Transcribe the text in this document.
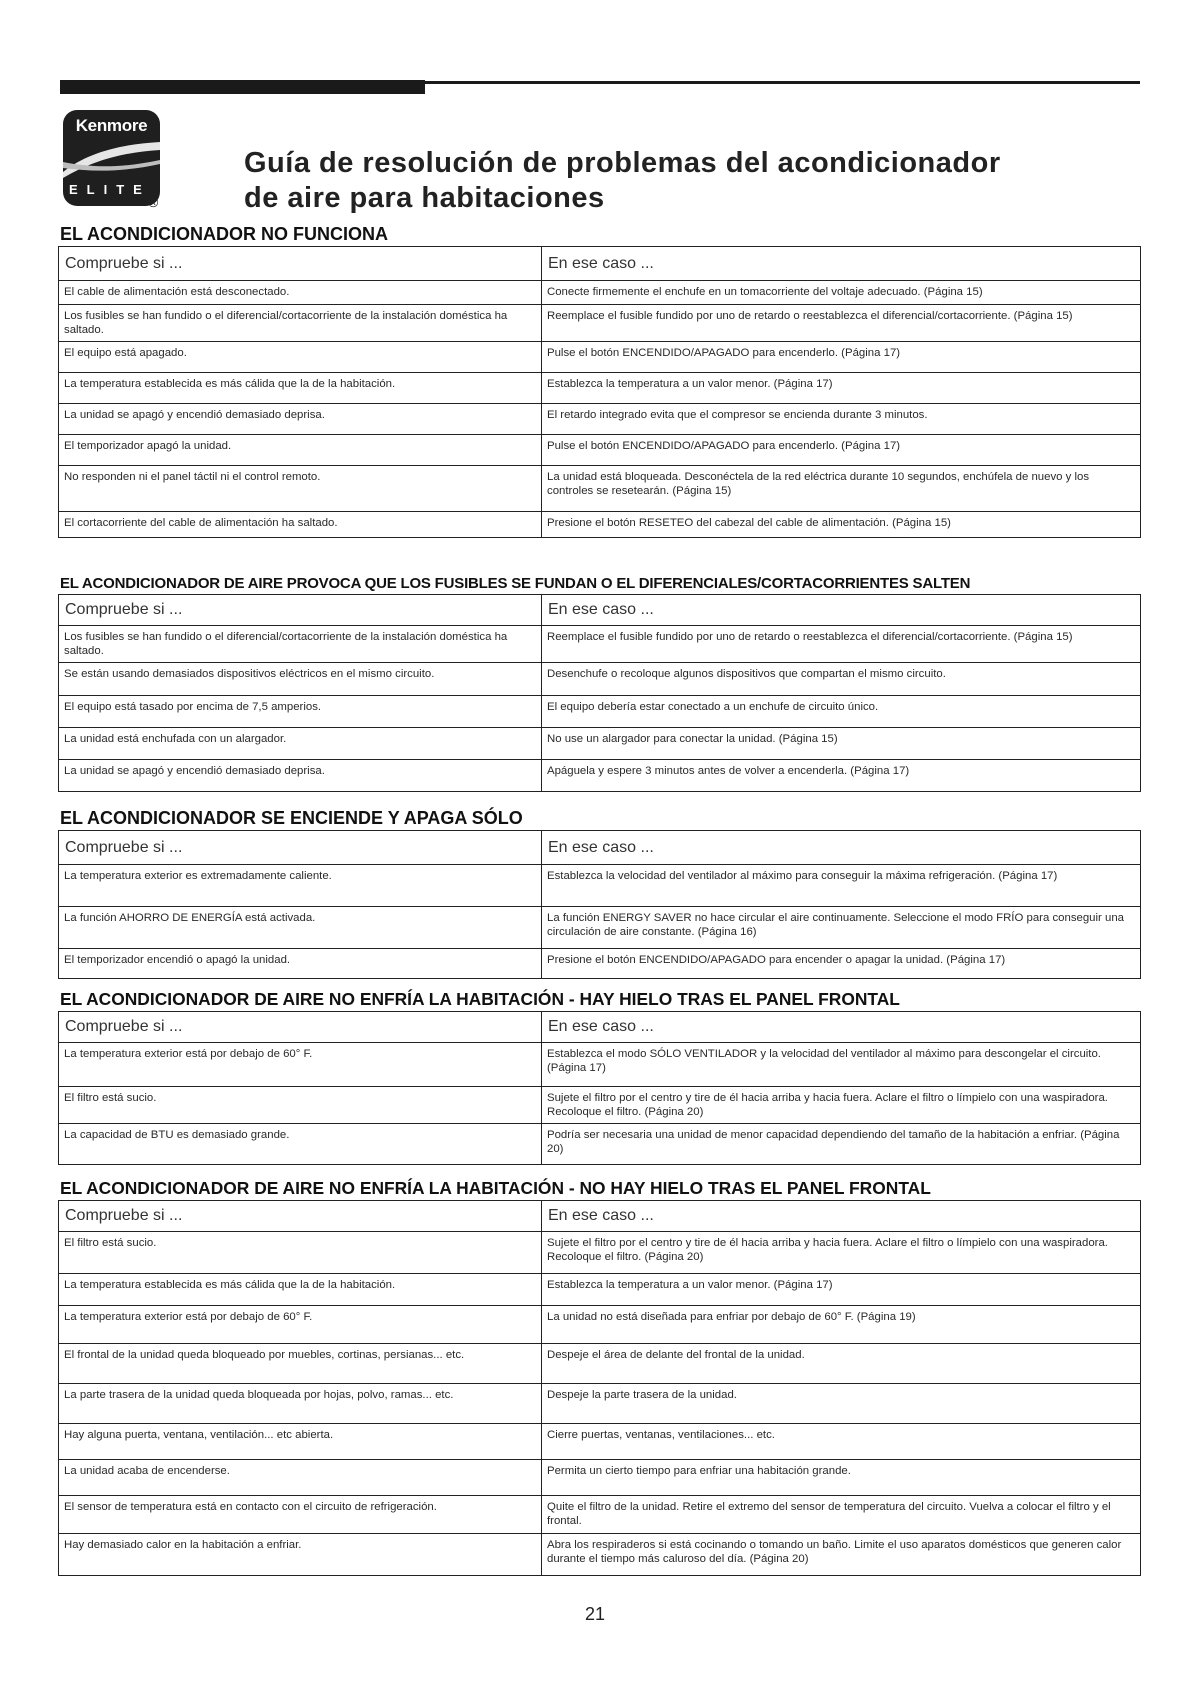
Kenmore
ELITE
®
Guía de resolución de problemas del acondicionador
de aire para habitaciones
EL ACONDICIONADOR NO FUNCIONA
Compruebe si ...	En ese caso ...
El cable de alimentación está desconectado.	Conecte firmemente el enchufe en un tomacorriente del voltaje adecuado. (Página 15)
Los fusibles se han fundido o el diferencial/cortacorriente de la instalación doméstica ha saltado.	Reemplace el fusible fundido por uno de retardo o reestablezca el diferencial/cortacorriente. (Página 15)
El equipo está apagado.	Pulse el botón ENCENDIDO/APAGADO para encenderlo. (Página 17)
La temperatura establecida es más cálida que la de la habitación.	Establezca la temperatura a un valor menor. (Página 17)
La unidad se apagó y encendió demasiado deprisa.	El retardo integrado evita que el compresor se encienda durante 3 minutos.
El temporizador apagó la unidad.	Pulse el botón ENCENDIDO/APAGADO para encenderlo. (Página 17)
No responden ni el panel táctil ni el control remoto.	La unidad está bloqueada. Desconéctela de la red eléctrica durante 10 segundos, enchúfela de nuevo y los controles se resetearán. (Página 15)
El cortacorriente del cable de alimentación ha saltado.	Presione el botón RESETEO del cabezal del cable de alimentación. (Página 15)
EL ACONDICIONADOR DE AIRE PROVOCA QUE LOS FUSIBLES SE FUNDAN O EL DIFERENCIALES/CORTACORRIENTES SALTEN
Compruebe si ...	En ese caso ...
Los fusibles se han fundido o el diferencial/cortacorriente de la instalación doméstica ha saltado.	Reemplace el fusible fundido por uno de retardo o reestablezca el diferencial/cortacorriente. (Página 15)
Se están usando demasiados dispositivos eléctricos en el mismo circuito.	Desenchufe o recoloque algunos dispositivos que compartan el mismo circuito.
El equipo está tasado por encima de 7,5 amperios.	El equipo debería estar conectado a un enchufe de circuito único.
La unidad está enchufada con un alargador.	No use un alargador para conectar la unidad. (Página 15)
La unidad se apagó y encendió demasiado deprisa.	Apáguela y espere 3 minutos antes de volver a encenderla. (Página 17)
EL ACONDICIONADOR SE ENCIENDE Y APAGA SÓLO
Compruebe si ...	En ese caso ...
La temperatura exterior es extremadamente caliente.	Establezca la velocidad del ventilador al máximo para conseguir la máxima refrigeración. (Página 17)
La función AHORRO DE ENERGÍA está activada.	La función ENERGY SAVER no hace circular el aire continuamente. Seleccione el modo FRÍO para conseguir una circulación de aire constante. (Página 16)
El temporizador encendió o apagó la unidad.	Presione el botón ENCENDIDO/APAGADO para encender o apagar la unidad. (Página 17)
EL ACONDICIONADOR DE AIRE NO ENFRÍA LA HABITACIÓN - HAY HIELO TRAS EL PANEL FRONTAL
Compruebe si ...	En ese caso ...
La temperatura exterior está por debajo de 60° F.	Establezca el modo SÓLO VENTILADOR y la velocidad del ventilador al máximo para descongelar el circuito. (Página 17)
El filtro está sucio.	Sujete el filtro por el centro y tire de él hacia arriba y hacia fuera. Aclare el filtro o límpielo con una waspiradora. Recoloque el filtro. (Página 20)
La capacidad de BTU es demasiado grande.	Podría ser necesaria una unidad de menor capacidad dependiendo del tamaño de la habitación a enfriar. (Página 20)
EL ACONDICIONADOR DE AIRE NO ENFRÍA LA HABITACIÓN - NO HAY HIELO TRAS EL PANEL FRONTAL
Compruebe si ...	En ese caso ...
El filtro está sucio.	Sujete el filtro por el centro y tire de él hacia arriba y hacia fuera. Aclare el filtro o límpielo con una waspiradora. Recoloque el filtro. (Página 20)
La temperatura establecida es más cálida que la de la habitación.	Establezca la temperatura a un valor menor. (Página 17)
La temperatura exterior está por debajo de 60° F.	La unidad no está diseñada para enfriar por debajo de 60° F. (Página 19)
El frontal de la unidad queda bloqueado por muebles, cortinas, persianas... etc.	Despeje el área de delante del frontal de la unidad.
La parte trasera de la unidad queda bloqueada por hojas, polvo, ramas... etc.	Despeje la parte trasera de la unidad.
Hay alguna puerta, ventana, ventilación... etc abierta.	Cierre puertas, ventanas, ventilaciones... etc.
La unidad acaba de encenderse.	Permita un cierto tiempo para enfriar una habitación grande.
El sensor de temperatura está en contacto con el circuito de refrigeración.	Quite el filtro de la unidad. Retire el extremo del sensor de temperatura del circuito. Vuelva a colocar el filtro y el frontal.
Hay demasiado calor en la habitación a enfriar.	Abra los respiraderos si está cocinando o tomando un baño. Limite el uso aparatos domésticos que generen calor durante el tiempo más caluroso del día. (Página 20)
21
